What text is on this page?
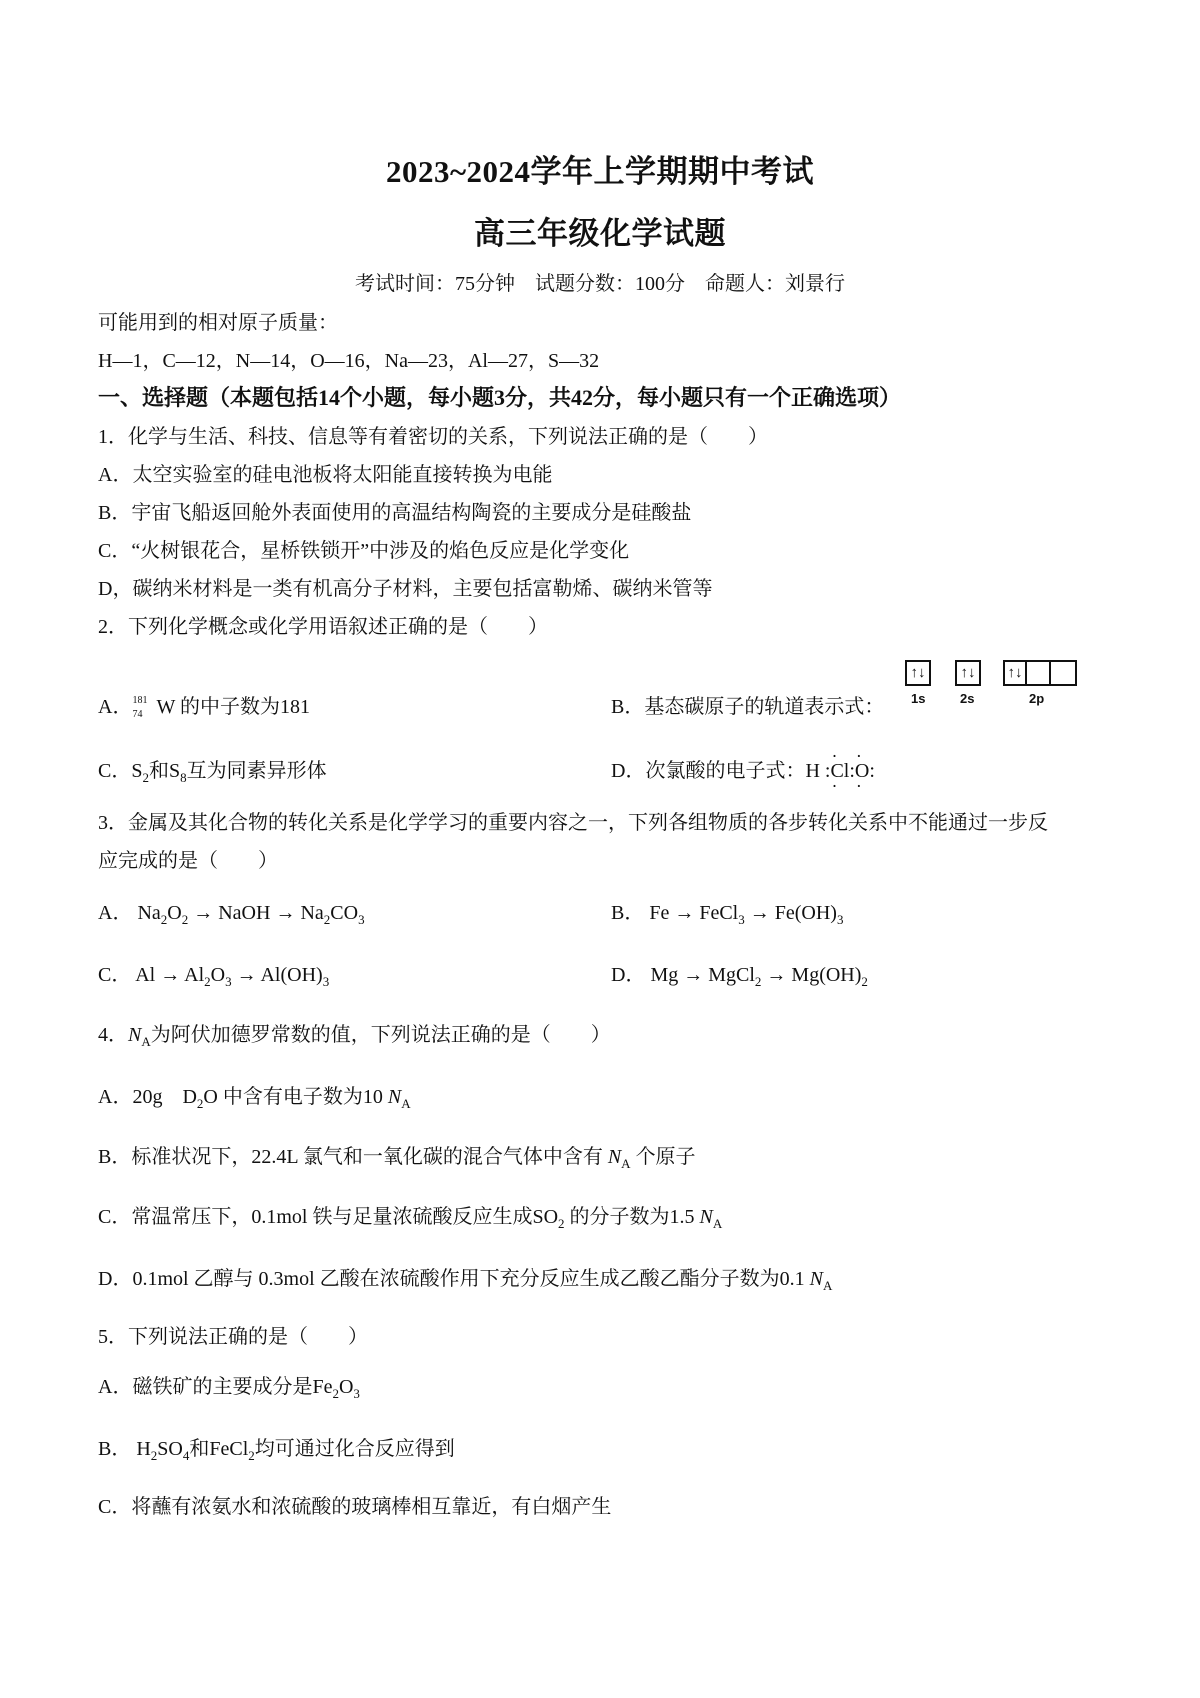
2023~2024学年上学期期中考试
高三年级化学试题
考试时间：75分钟　试题分数：100分　命题人：刘景行
可能用到的相对原子质量：
H—1，C—12，N—14，O—16，Na—23，Al—27，S—32
一、选择题（本题包括14个小题，每小题3分，共42分，每小题只有一个正确选项）
1．化学与生活、科技、信息等有着密切的关系，下列说法正确的是（　　）
A．太空实验室的硅电池板将太阳能直接转换为电能
B．宇宙飞船返回舱外表面使用的高温结构陶瓷的主要成分是硅酸盐
C．“火树银花合，星桥铁锁开”中涉及的焰色反应是化学变化
D，碳纳米材料是一类有机高分子材料，主要包括富勒烯、碳纳米管等
2．下列化学概念或化学用语叙述正确的是（　　）
A． 181
74 W 的中子数为181	B．基态碳原子的轨道表示式：
↑↓ ↑↓ ↑↓
1s	2s	2p
C．$S_2$和$S_8$互为同素异形体	D．次氯酸的电子式：H :· Cl ·:· O ·:
3．金属及其化合物的转化关系是化学学习的重要内容之一，下列各组物质的各步转化关系中不能通过一步反
应完成的是（　　）
A． $Na_2O_2$ → NaOH → $Na_2CO_3$	B． Fe → FeCl$_3$ → $Fe(OH)_3$
C． $Al \to Al_2O_3 \to Al(OH)_3$	D． Mg → MgCl$_2$ → $Mg(OH)_2$
4．$N_A$为阿伏加德罗常数的值，下列说法正确的是（　　）
A．20g　$D_2O$ 中含有电子数为10 $N_A$
B．标准状况下，22.4L 氯气和一氧化碳的混合气体中含有 $N_A$ 个原子
C．常温常压下，0.1mol 铁与足量浓硫酸反应生成$SO_2$ 的分子数为1.5 $N_A$
D．0.1mol 乙醇与 0.3mol 乙酸在浓硫酸作用下充分反应生成乙酸乙酯分子数为0.1 $N_A$
5．下列说法正确的是（　　）
A．磁铁矿的主要成分是$Fe_2O_3$
B． $H_2SO_4$和FeCl$_2$均可通过化合反应得到
C．将蘸有浓氨水和浓硫酸的玻璃棒相互靠近，有白烟产生
